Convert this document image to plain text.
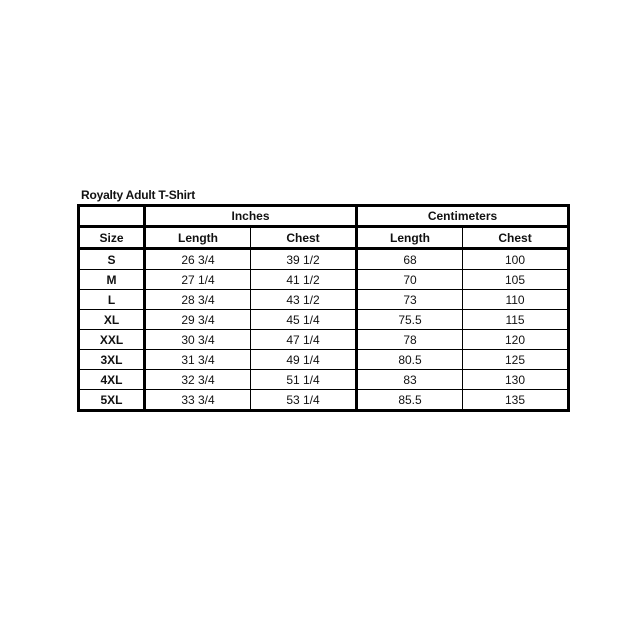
Royalty Adult T-Shirt
	Inches		Centimeters	
Size	Length	Chest	Length	Chest
S	26 3/4	39 1/2	68	100
M	27 1/4	41 1/2	70	105
L	28 3/4	43 1/2	73	110
XL	29 3/4	45 1/4	75.5	115
XXL	30 3/4	47 1/4	78	120
3XL	31 3/4	49 1/4	80.5	125
4XL	32 3/4	51 1/4	83	130
5XL	33 3/4	53 1/4	85.5	135
